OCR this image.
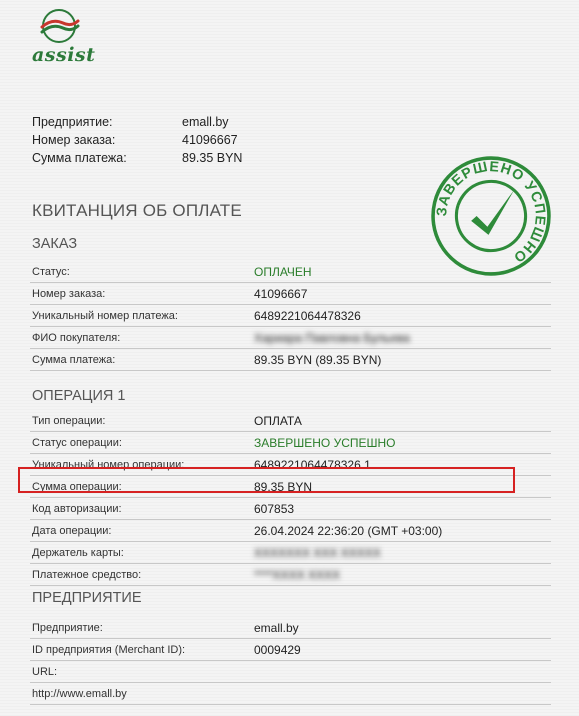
assist
Предприятие:	emall.by
Номер заказа:	41096667
Сумма платежа:	89.35 BYN
ЗАВЕРШЕНО УСПЕШНО
КВИТАНЦИЯ ОБ ОПЛАТЕ
ЗАКАЗ
Статус:	ОПЛАЧЕН
Номер заказа:	41096667
Уникальный номер платежа:	6489221064478326
ФИО покупателя:	Хариара Павловна Бульева
Сумма платежа:	89.35 BYN (89.35 BYN)
ОПЕРАЦИЯ 1
Тип операции:	ОПЛАТА
Статус операции:	ЗАВЕРШЕНО УСПЕШНО
Уникальный номер операции:	6489221064478326.1
Сумма операции:	89.35 BYN
Код авторизации:	607853
Дата операции:	26.04.2024 22:36:20 (GMT +03:00)
Держатель карты:	XXXXXXX XXX XXXXX
Платежное средство:	****XXXX XXXX
ПРЕДПРИЯТИЕ
Предприятие:	emall.by
ID предприятия (Merchant ID):	0009429
URL:
http://www.emall.by
